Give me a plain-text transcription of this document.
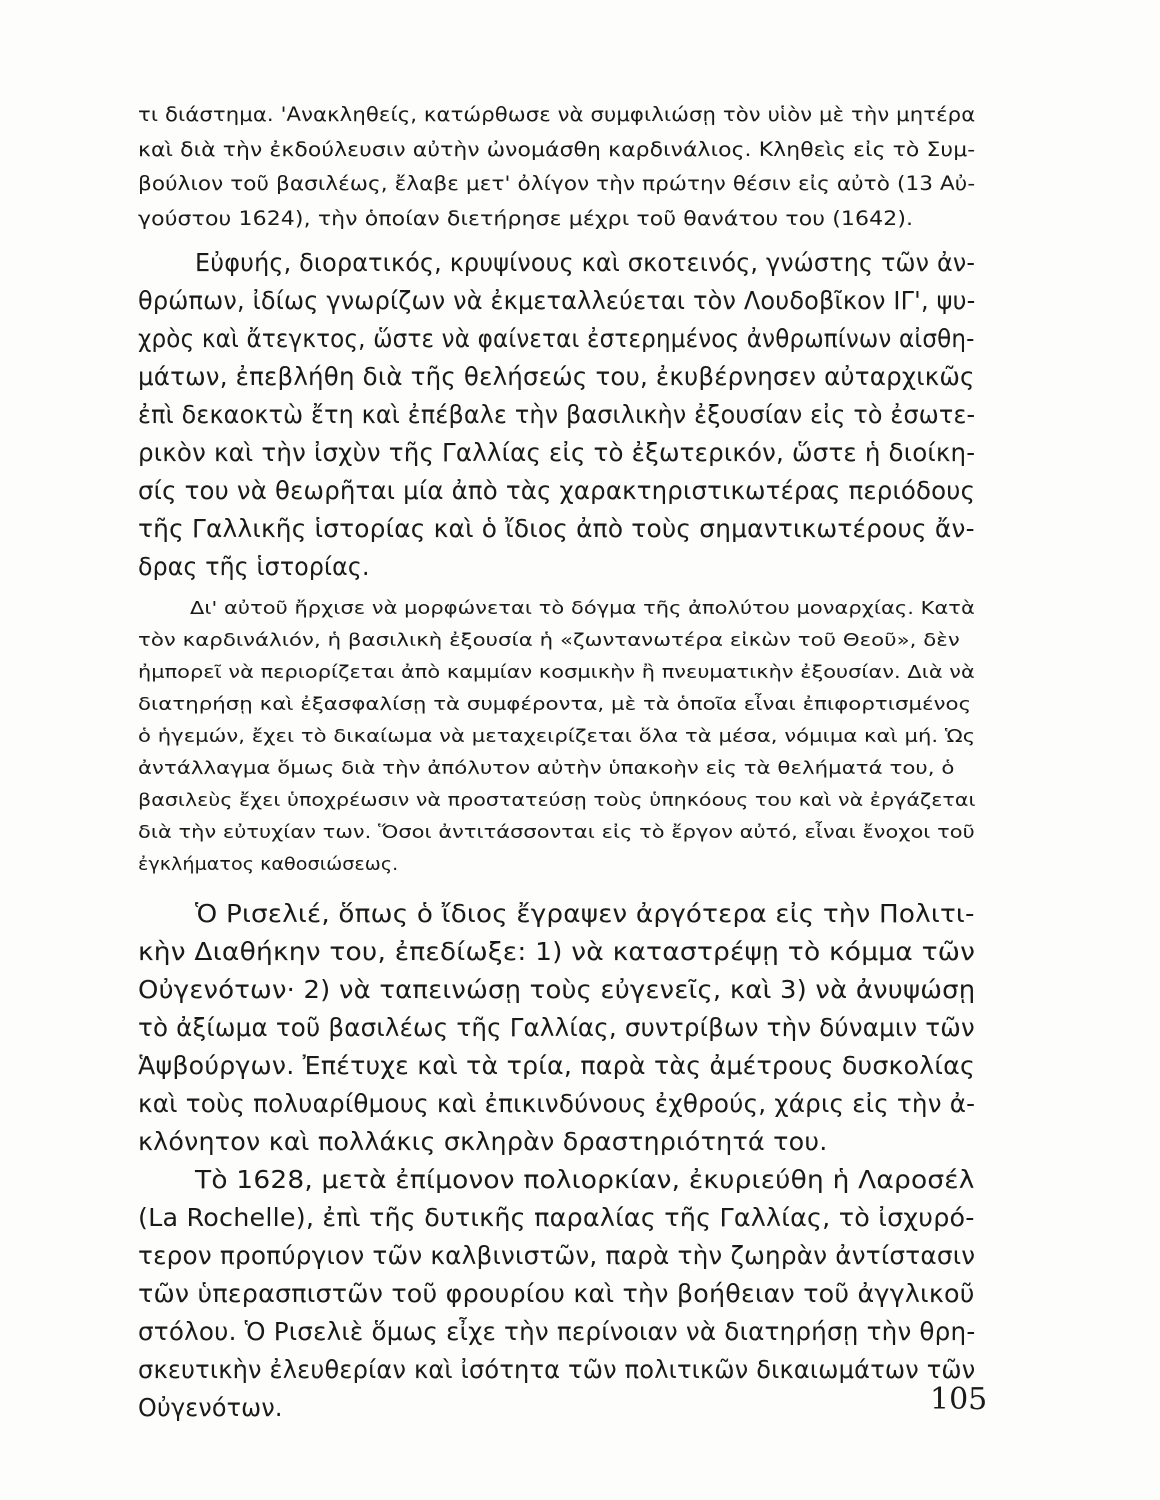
τι διάστημα. 'Ανακληθείς, κατώρθωσε νὰ συμφιλιώσῃ τὸν υἱὸν μὲ τὴν μητέρα
καὶ διὰ τὴν ἐκδούλευσιν αὐτὴν ὠνομάσθη καρδινάλιος. Κληθεὶς εἰς τὸ Συμ-
βούλιον τοῦ βασιλέως, ἔλαβε μετ' ὀλίγον τὴν πρώτην θέσιν εἰς αὐτὸ (13 Αὐ-
γούστου 1624), τὴν ὁποίαν διετήρησε μέχρι τοῦ θανάτου του (1642).
Εὐφυής, διορατικός, κρυψίνους καὶ σκοτεινός, γνώστης τῶν ἀν-
θρώπων, ἰδίως γνωρίζων νὰ ἐκμεταλλεύεται τὸν Λουδοβῖκον ΙΓ', ψυ-
χρὸς καὶ ἄτεγκτος, ὥστε νὰ φαίνεται ἐστερημένος ἀνθρωπίνων αἰσθη-
μάτων, ἐπεβλήθη διὰ τῆς θελήσεώς του, ἐκυβέρνησεν αὐταρχικῶς
ἐπὶ δεκαοκτὼ ἔτη καὶ ἐπέβαλε τὴν βασιλικὴν ἐξουσίαν εἰς τὸ ἐσωτε-
ρικὸν καὶ τὴν ἰσχὺν τῆς Γαλλίας εἰς τὸ ἐξωτερικόν, ὥστε ἡ διοίκη-
σίς του νὰ θεωρῆται μία ἀπὸ τὰς χαρακτηριστικωτέρας περιόδους
τῆς Γαλλικῆς ἱστορίας καὶ ὁ ἴδιος ἀπὸ τοὺς σημαντικωτέρους ἄν-
δρας τῆς ἱστορίας.
Δι' αὐτοῦ ἤρχισε νὰ μορφώνεται τὸ δόγμα τῆς ἀπολύτου μοναρχίας. Κατὰ
τὸν καρδινάλιόν, ἡ βασιλικὴ ἐξουσία ἡ «ζωντανωτέρα εἰκὼν τοῦ Θεοῦ», δὲν
ἠμπορεῖ νὰ περιορίζεται ἀπὸ καμμίαν κοσμικὴν ἢ πνευματικὴν ἐξουσίαν. Διὰ νὰ
διατηρήσῃ καὶ ἐξασφαλίσῃ τὰ συμφέροντα, μὲ τὰ ὁποῖα εἶναι ἐπιφορτισμένος
ὁ ἡγεμών, ἔχει τὸ δικαίωμα νὰ μεταχειρίζεται ὅλα τὰ μέσα, νόμιμα καὶ μή. Ὡς
ἀντάλλαγμα ὅμως διὰ τὴν ἀπόλυτον αὐτὴν ὑπακοὴν εἰς τὰ θελήματά του, ὁ
βασιλεὺς ἔχει ὑποχρέωσιν νὰ προστατεύσῃ τοὺς ὑπηκόους του καὶ νὰ ἐργάζεται
διὰ τὴν εὐτυχίαν των. Ὅσοι ἀντιτάσσονται εἰς τὸ ἔργον αὐτό, εἶναι ἔνοχοι τοῦ
ἐγκλήματος καθοσιώσεως.
Ὁ Ρισελιέ, ὅπως ὁ ἴδιος ἔγραψεν ἀργότερα εἰς τὴν Πολιτι-
κὴν Διαθήκην του, ἐπεδίωξε: 1) νὰ καταστρέψῃ τὸ κόμμα τῶν
Οὐγενότων· 2) νὰ ταπεινώσῃ τοὺς εὐγενεῖς, καὶ 3) νὰ ἀνυψώσῃ
τὸ ἀξίωμα τοῦ βασιλέως τῆς Γαλλίας, συντρίβων τὴν δύναμιν τῶν
Ἁψβούργων. Ἐπέτυχε καὶ τὰ τρία, παρὰ τὰς ἀμέτρους δυσκολίας
καὶ τοὺς πολυαρίθμους καὶ ἐπικινδύνους ἐχθρούς, χάρις εἰς τὴν ἀ-
κλόνητον καὶ πολλάκις σκληρὰν δραστηριότητά του.
Τὸ 1628, μετὰ ἐπίμονον πολιορκίαν, ἐκυριεύθη ἡ Λαροσέλ
(La Rochelle), ἐπὶ τῆς δυτικῆς παραλίας τῆς Γαλλίας, τὸ ἰσχυρό-
τερον προπύργιον τῶν καλβινιστῶν, παρὰ τὴν ζωηρὰν ἀντίστασιν
τῶν ὑπερασπιστῶν τοῦ φρουρίου καὶ τὴν βοήθειαν τοῦ ἀγγλικοῦ
στόλου. Ὁ Ρισελιὲ ὅμως εἶχε τὴν περίνοιαν νὰ διατηρήσῃ τὴν θρη-
σκευτικὴν ἐλευθερίαν καὶ ἰσότητα τῶν πολιτικῶν δικαιωμάτων τῶν
Οὐγενότων.	105
